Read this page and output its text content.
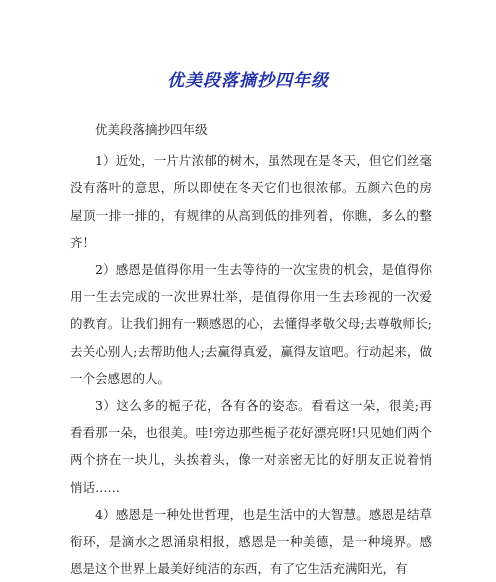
优美段落摘抄四年级

优美段落摘抄四年级

1）近处，一片片浓郁的树木，虽然现在是冬天，但它们丝毫没有落叶的意思，所以即使在冬天它们也很浓郁。五颜六色的房屋顶一排一排的，有规律的从高到低的排列着，你瞧，多么的整齐！

2）感恩是值得你用一生去等待的一次宝贵的机会，是值得你用一生去完成的一次世界壮举，是值得你用一生去珍视的一次爱的教育。让我们拥有一颗感恩的心，去懂得孝敬父母;去尊敬师长;去关心别人;去帮助他人;去赢得真爱，赢得友谊吧。行动起来，做一个会感恩的人。

3）这么多的栀子花，各有各的姿态。看看这一朵，很美;再看看那一朵，也很美。哇!旁边那些栀子花好漂亮呀!只见她们两个两个挤在一块儿，头挨着头，像一对亲密无比的好朋友正说着悄悄话……

4）感恩是一种处世哲理，也是生活中的大智慧。感恩是结草衔环，是滴水之恩涌泉相报，感恩是一种美德，是一种境界。感恩是这个世界上最美好纯洁的东西，有了它生活充满阳光，有
